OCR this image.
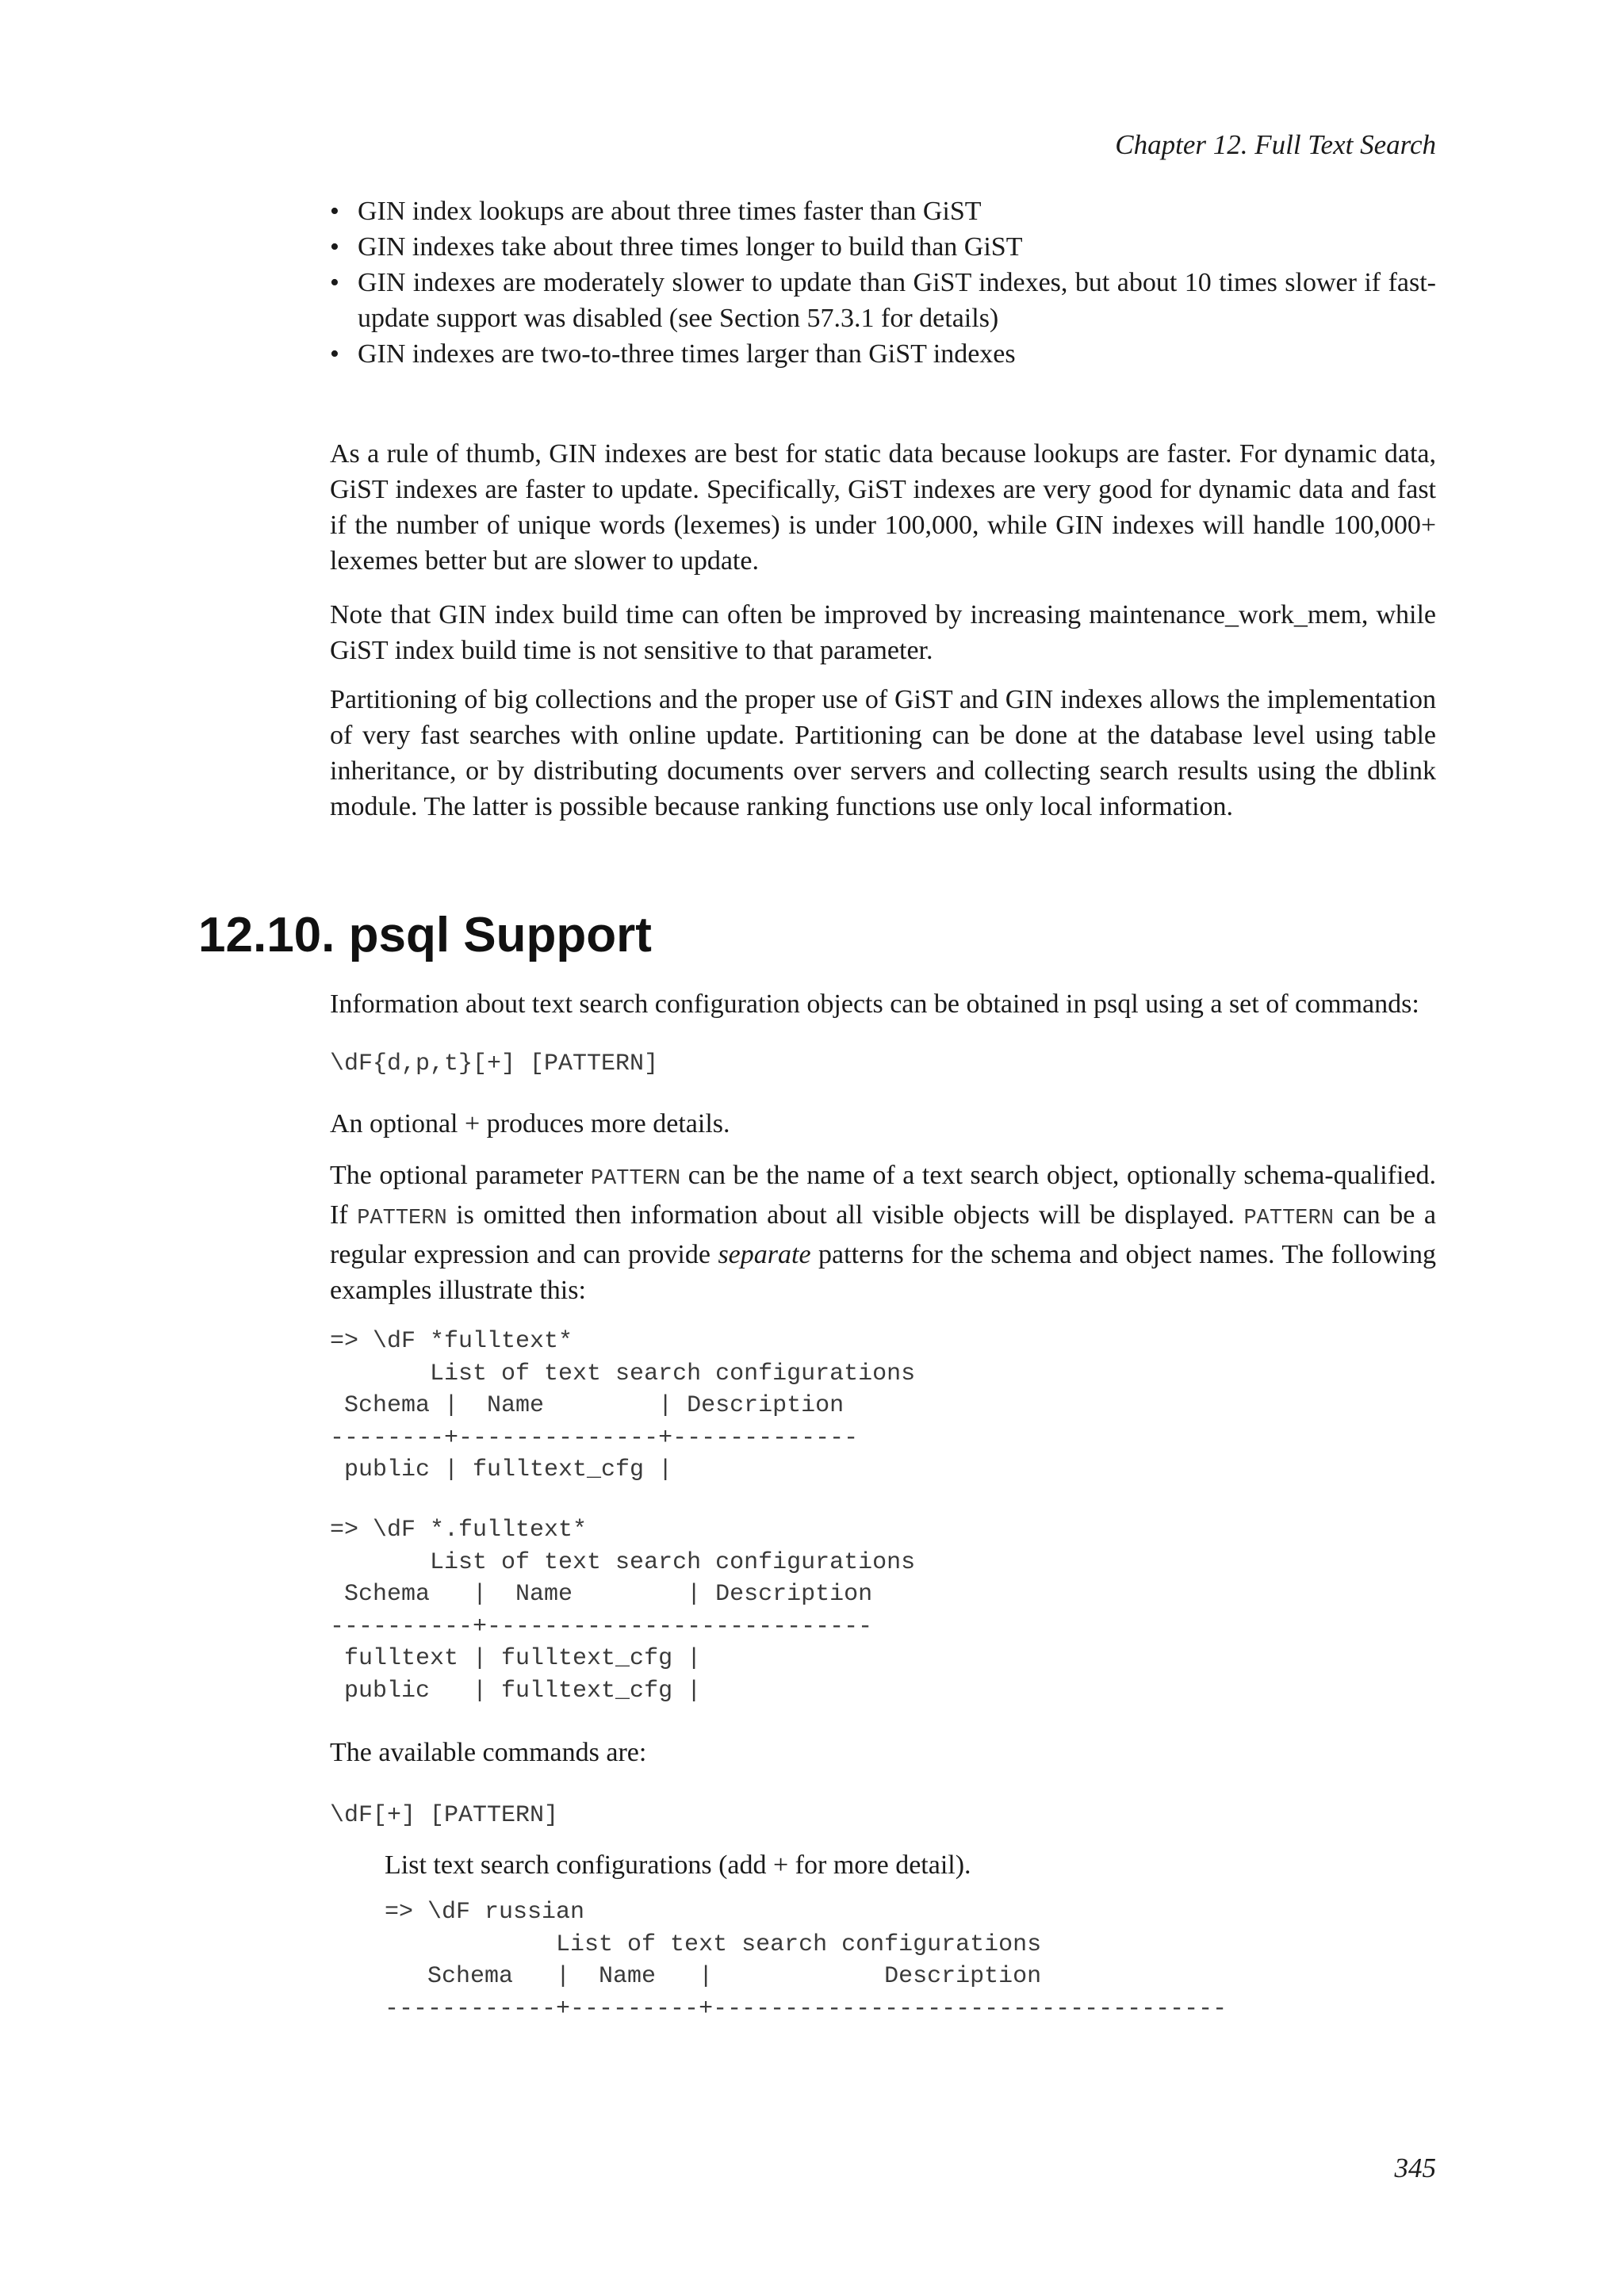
Chapter 12. Full Text Search
• GIN index lookups are about three times faster than GiST
• GIN indexes take about three times longer to build than GiST
• GIN indexes are moderately slower to update than GiST indexes, but about 10 times slower if fast-update support was disabled (see Section 57.3.1 for details)
• GIN indexes are two-to-three times larger than GiST indexes

As a rule of thumb, GIN indexes are best for static data because lookups are faster. For dynamic data, GiST indexes are faster to update. Specifically, GiST indexes are very good for dynamic data and fast if the number of unique words (lexemes) is under 100,000, while GIN indexes will handle 100,000+ lexemes better but are slower to update.

Note that GIN index build time can often be improved by increasing maintenance_work_mem, while GiST index build time is not sensitive to that parameter.

Partitioning of big collections and the proper use of GiST and GIN indexes allows the implementation of very fast searches with online update. Partitioning can be done at the database level using table inheritance, or by distributing documents over servers and collecting search results using the dblink module. The latter is possible because ranking functions use only local information.

12.10. psql Support

Information about text search configuration objects can be obtained in psql using a set of commands:

\dF{d,p,t}[+] [PATTERN]

An optional + produces more details.

The optional parameter PATTERN can be the name of a text search object, optionally schema-qualified. If PATTERN is omitted then information about all visible objects will be displayed. PATTERN can be a regular expression and can provide separate patterns for the schema and object names. The following examples illustrate this:

=> \dF *fulltext*
List of text search configurations
Schema |  Name        | Description
--------+--------------+-------------
public | fulltext_cfg |
=> \dF *.fulltext*
List of text search configurations
Schema   |  Name        | Description
----------+---------------------------
fulltext | fulltext_cfg |
public   | fulltext_cfg |

The available commands are:

\dF[+] [PATTERN]

List text search configurations (add + for more detail).

=> \dF russian
List of text search configurations
Schema   |  Name   |            Description
------------+---------+------------------------------------
345
